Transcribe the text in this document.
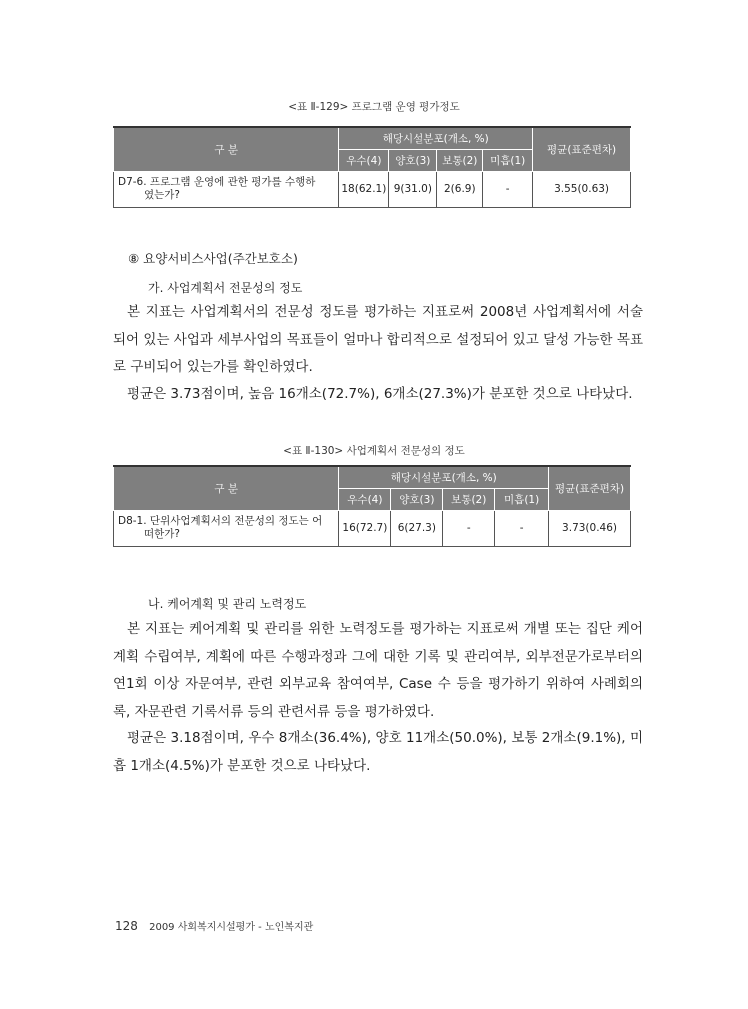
<표 Ⅱ-129> 프로그램 운영 평가정도
구 분	해당시설분포(개소, %)				평균(표준편차)
	우수(4)	양호(3)	보통(2)	미흡(1)	
D7-6. 프로그램 운영에 관한 평가를 수행하
였는가?	18(62.1)	9(31.0)	2(6.9)	-	3.55(0.63)
⑧ 요양서비스사업(주간보호소)
가. 사업계획서 전문성의 정도
본 지표는 사업계획서의 전문성 정도를 평가하는 지표로써 2008년 사업계획서에 서술되어 있는 사업과 세부사업의 목표들이 얼마나 합리적으로 설정되어 있고 달성 가능한 목표로 구비되어 있는가를 확인하였다.
평균은 3.73점이며, 높음 16개소(72.7%), 6개소(27.3%)가 분포한 것으로 나타났다.
<표 Ⅱ-130> 사업계획서 전문성의 정도
구 분	해당시설분포(개소, %)				평균(표준편차)
	우수(4)	양호(3)	보통(2)	미흡(1)	
D8-1. 단위사업계획서의 전문성의 정도는 어
떠한가?	16(72.7)	6(27.3)	-	-	3.73(0.46)
나. 케어계획 및 관리 노력정도
본 지표는 케어계획 및 관리를 위한 노력정도를 평가하는 지표로써 개별 또는 집단 케어계획 수립여부, 계획에 따른 수행과정과 그에 대한 기록 및 관리여부, 외부전문가로부터의 연1회 이상 자문여부, 관련 외부교육 참여여부, Case 수 등을 평가하기 위하여 사례회의록, 자문관련 기록서류 등의 관련서류 등을 평가하였다.
평균은 3.18점이며, 우수 8개소(36.4%), 양호 11개소(50.0%), 보통 2개소(9.1%), 미흡 1개소(4.5%)가 분포한 것으로 나타났다.
128 2009 사회복지시설평가 - 노인복지관
